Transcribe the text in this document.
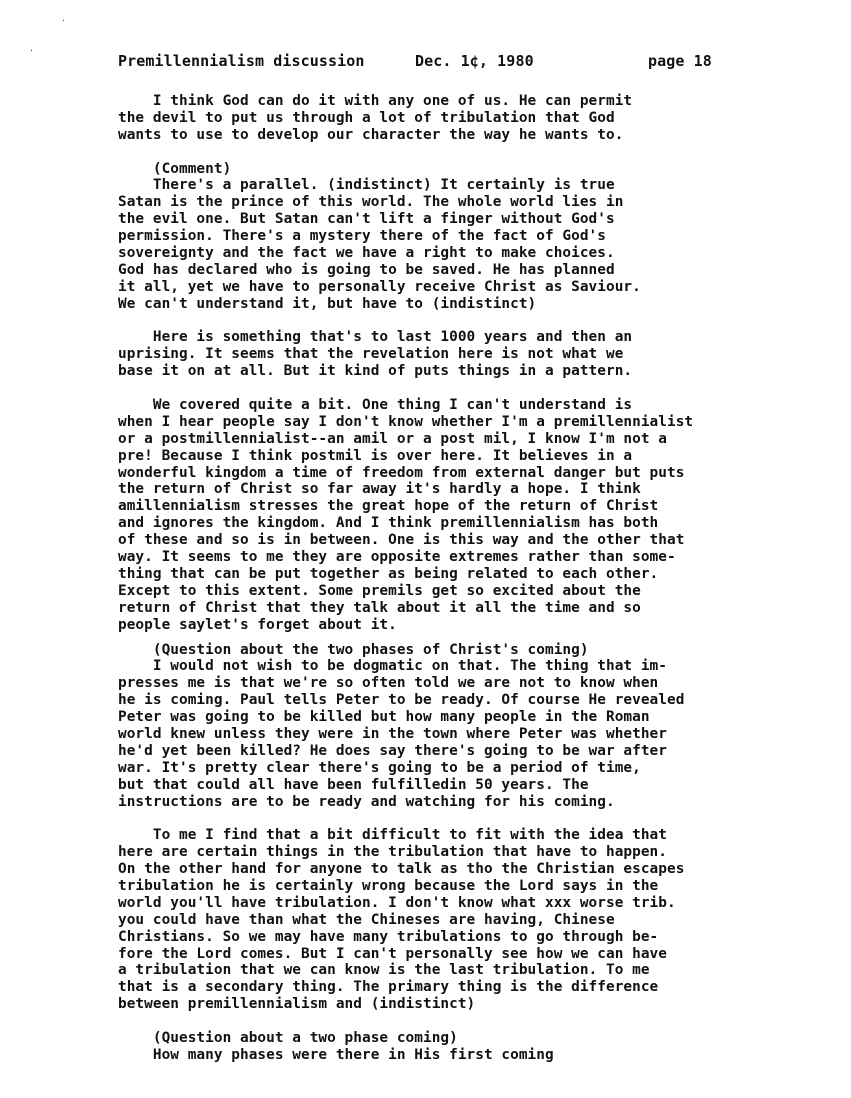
·
·
Premillennialism discussion	Dec. 1¢, 1980	page 18
I think God can do it with any one of us. He can permit
the devil to put us through a lot of tribulation that God
wants to use to develop our character the way he wants to.
(Comment)
There's a parallel. (indistinct) It certainly is true
Satan is the prince of this world. The whole world lies in
the evil one. But Satan can't lift a finger without God's
permission. There's a mystery there of the fact of God's
sovereignty and the fact we have a right to make choices.
God has declared who is going to be saved. He has planned
it all, yet we have to personally receive Christ as Saviour.
We can't understand it, but have to (indistinct)
Here is something that's to last 1000 years and then an
uprising. It seems that the revelation here is not what we
base it on at all. But it kind of puts things in a pattern.
We covered quite a bit. One thing I can't understand is
when I hear people say I don't know whether I'm a premillennialist
or a postmillennialist--an amil or a post mil, I know I'm not a
pre! Because I think postmil is over here. It believes in a
wonderful kingdom a time of freedom from external danger but puts
the return of Christ so far away it's hardly a hope. I think
amillennialism stresses the great hope of the return of Christ
and ignores the kingdom. And I think premillennialism has both
of these and so is in between. One is this way and the other that
way. It seems to me they are opposite extremes rather than some-
thing that can be put together as being related to each other.
Except to this extent. Some premils get so excited about the
return of Christ that they talk about it all the time and so
people saylet's forget about it.
(Question about the two phases of Christ's coming)
I would not wish to be dogmatic on that. The thing that im-
presses me is that we're so often told we are not to know when
he is coming. Paul tells Peter to be ready. Of course He revealed
Peter was going to be killed but how many people in the Roman
world knew unless they were in the town where Peter was whether
he'd yet been killed? He does say there's going to be war after
war. It's pretty clear there's going to be a period of time,
but that could all have been fulfilledin 50 years. The
instructions are to be ready and watching for his coming.
To me I find that a bit difficult to fit with the idea that
here are certain things in the tribulation that have to happen.
On the other hand for anyone to talk as tho the Christian escapes
tribulation he is certainly wrong because the Lord says in the
world you'll have tribulation. I don't know what xxx worse trib.
you could have than what the Chineses are having, Chinese
Christians. So we may have many tribulations to go through be-
fore the Lord comes. But I can't personally see how we can have
a tribulation that we can know is the last tribulation. To me
that is a secondary thing. The primary thing is the difference
between premillennialism and (indistinct)
(Question about a two phase coming)
How many phases were there in His first coming
